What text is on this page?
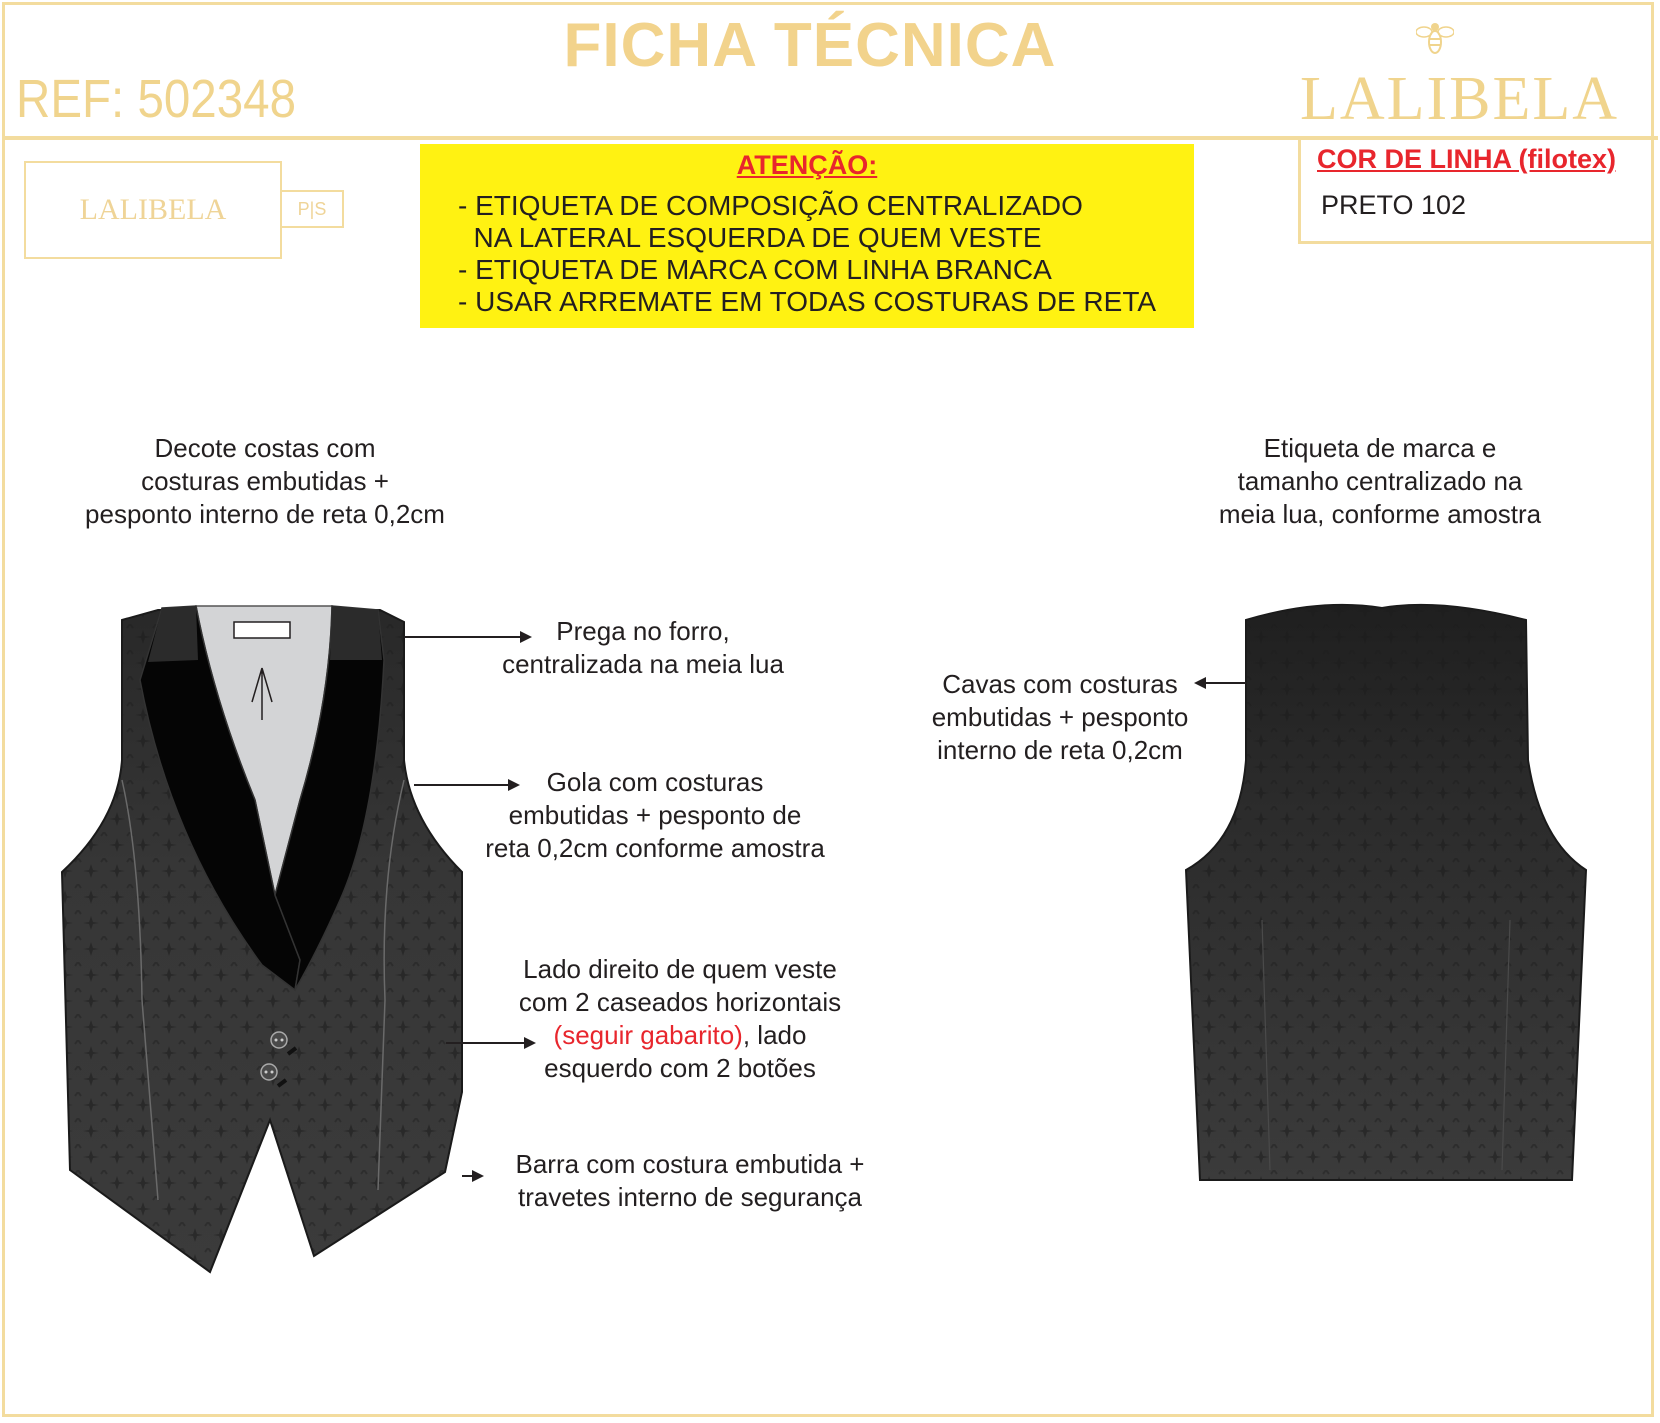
FICHA TÉCNICA
REF: 502348	LALIBELA
LALIBELA	P|S
ATENÇÃO:
- ETIQUETA DE COMPOSIÇÃO CENTRALIZADO
NA LATERAL ESQUERDA DE QUEM VESTE
- ETIQUETA DE MARCA COM LINHA BRANCA
- USAR ARREMATE EM TODAS COSTURAS DE RETA
COR DE LINHA (filotex)
PRETO 102
Decote costas com
costuras embutidas +
pesponto interno de reta 0,2cm
Etiqueta de marca e
tamanho centralizado na
meia lua, conforme amostra
Prega no forro,
centralizada na meia lua
Gola com costuras
embutidas + pesponto de
reta 0,2cm conforme amostra
Lado direito de quem veste
com 2 caseados horizontais
(seguir gabarito), lado
esquerdo com 2 botões
Barra com costura embutida +
travetes interno de segurança
Cavas com costuras
embutidas + pesponto
interno de reta 0,2cm
